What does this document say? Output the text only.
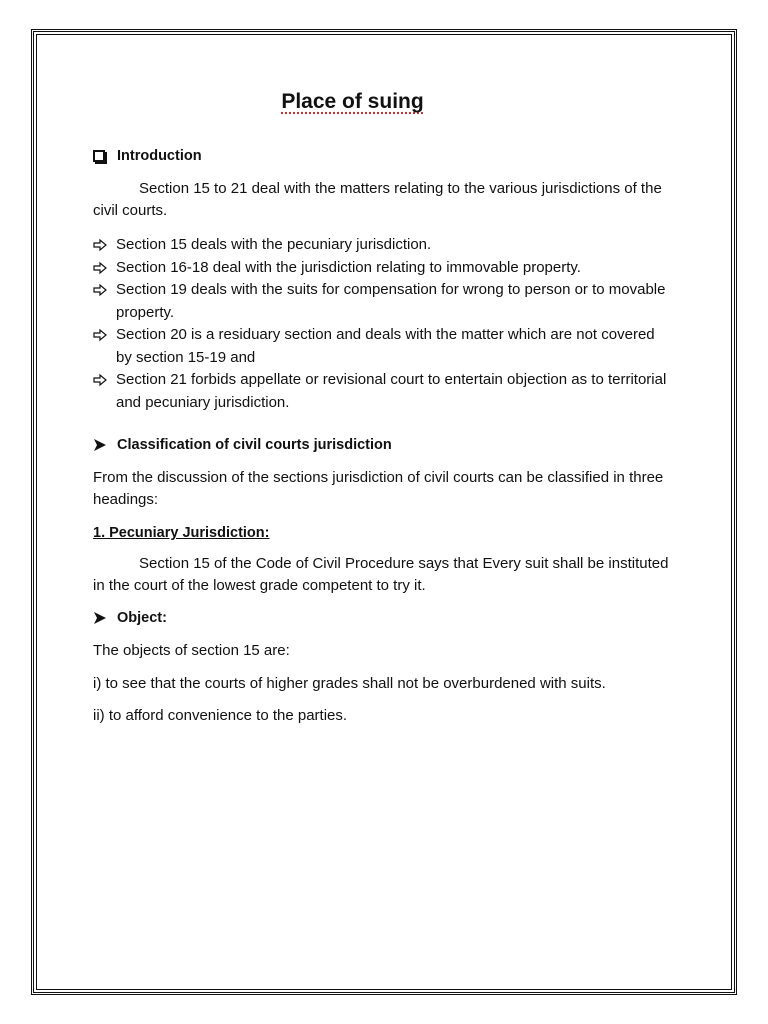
Place of suing
Introduction
Section 15 to 21 deal with the matters relating to the various jurisdictions of the civil courts.
Section 15 deals with the pecuniary jurisdiction.
Section 16-18 deal with the jurisdiction relating to immovable property.
Section 19 deals with the suits for compensation for wrong to person or to movable property.
Section 20 is a residuary section and deals with the matter which are not covered by section 15-19 and
Section 21 forbids appellate or revisional court to entertain objection as to territorial and pecuniary jurisdiction.
Classification of civil courts jurisdiction
From the discussion of the sections jurisdiction of civil courts can be classified in three headings:
1. Pecuniary Jurisdiction:
Section 15 of the Code of Civil Procedure says that Every suit shall be instituted in the court of the lowest grade competent to try it.
Object:
The objects of section 15 are:
i) to see that the courts of higher grades shall not be overburdened with suits.
ii) to afford convenience to the parties.
